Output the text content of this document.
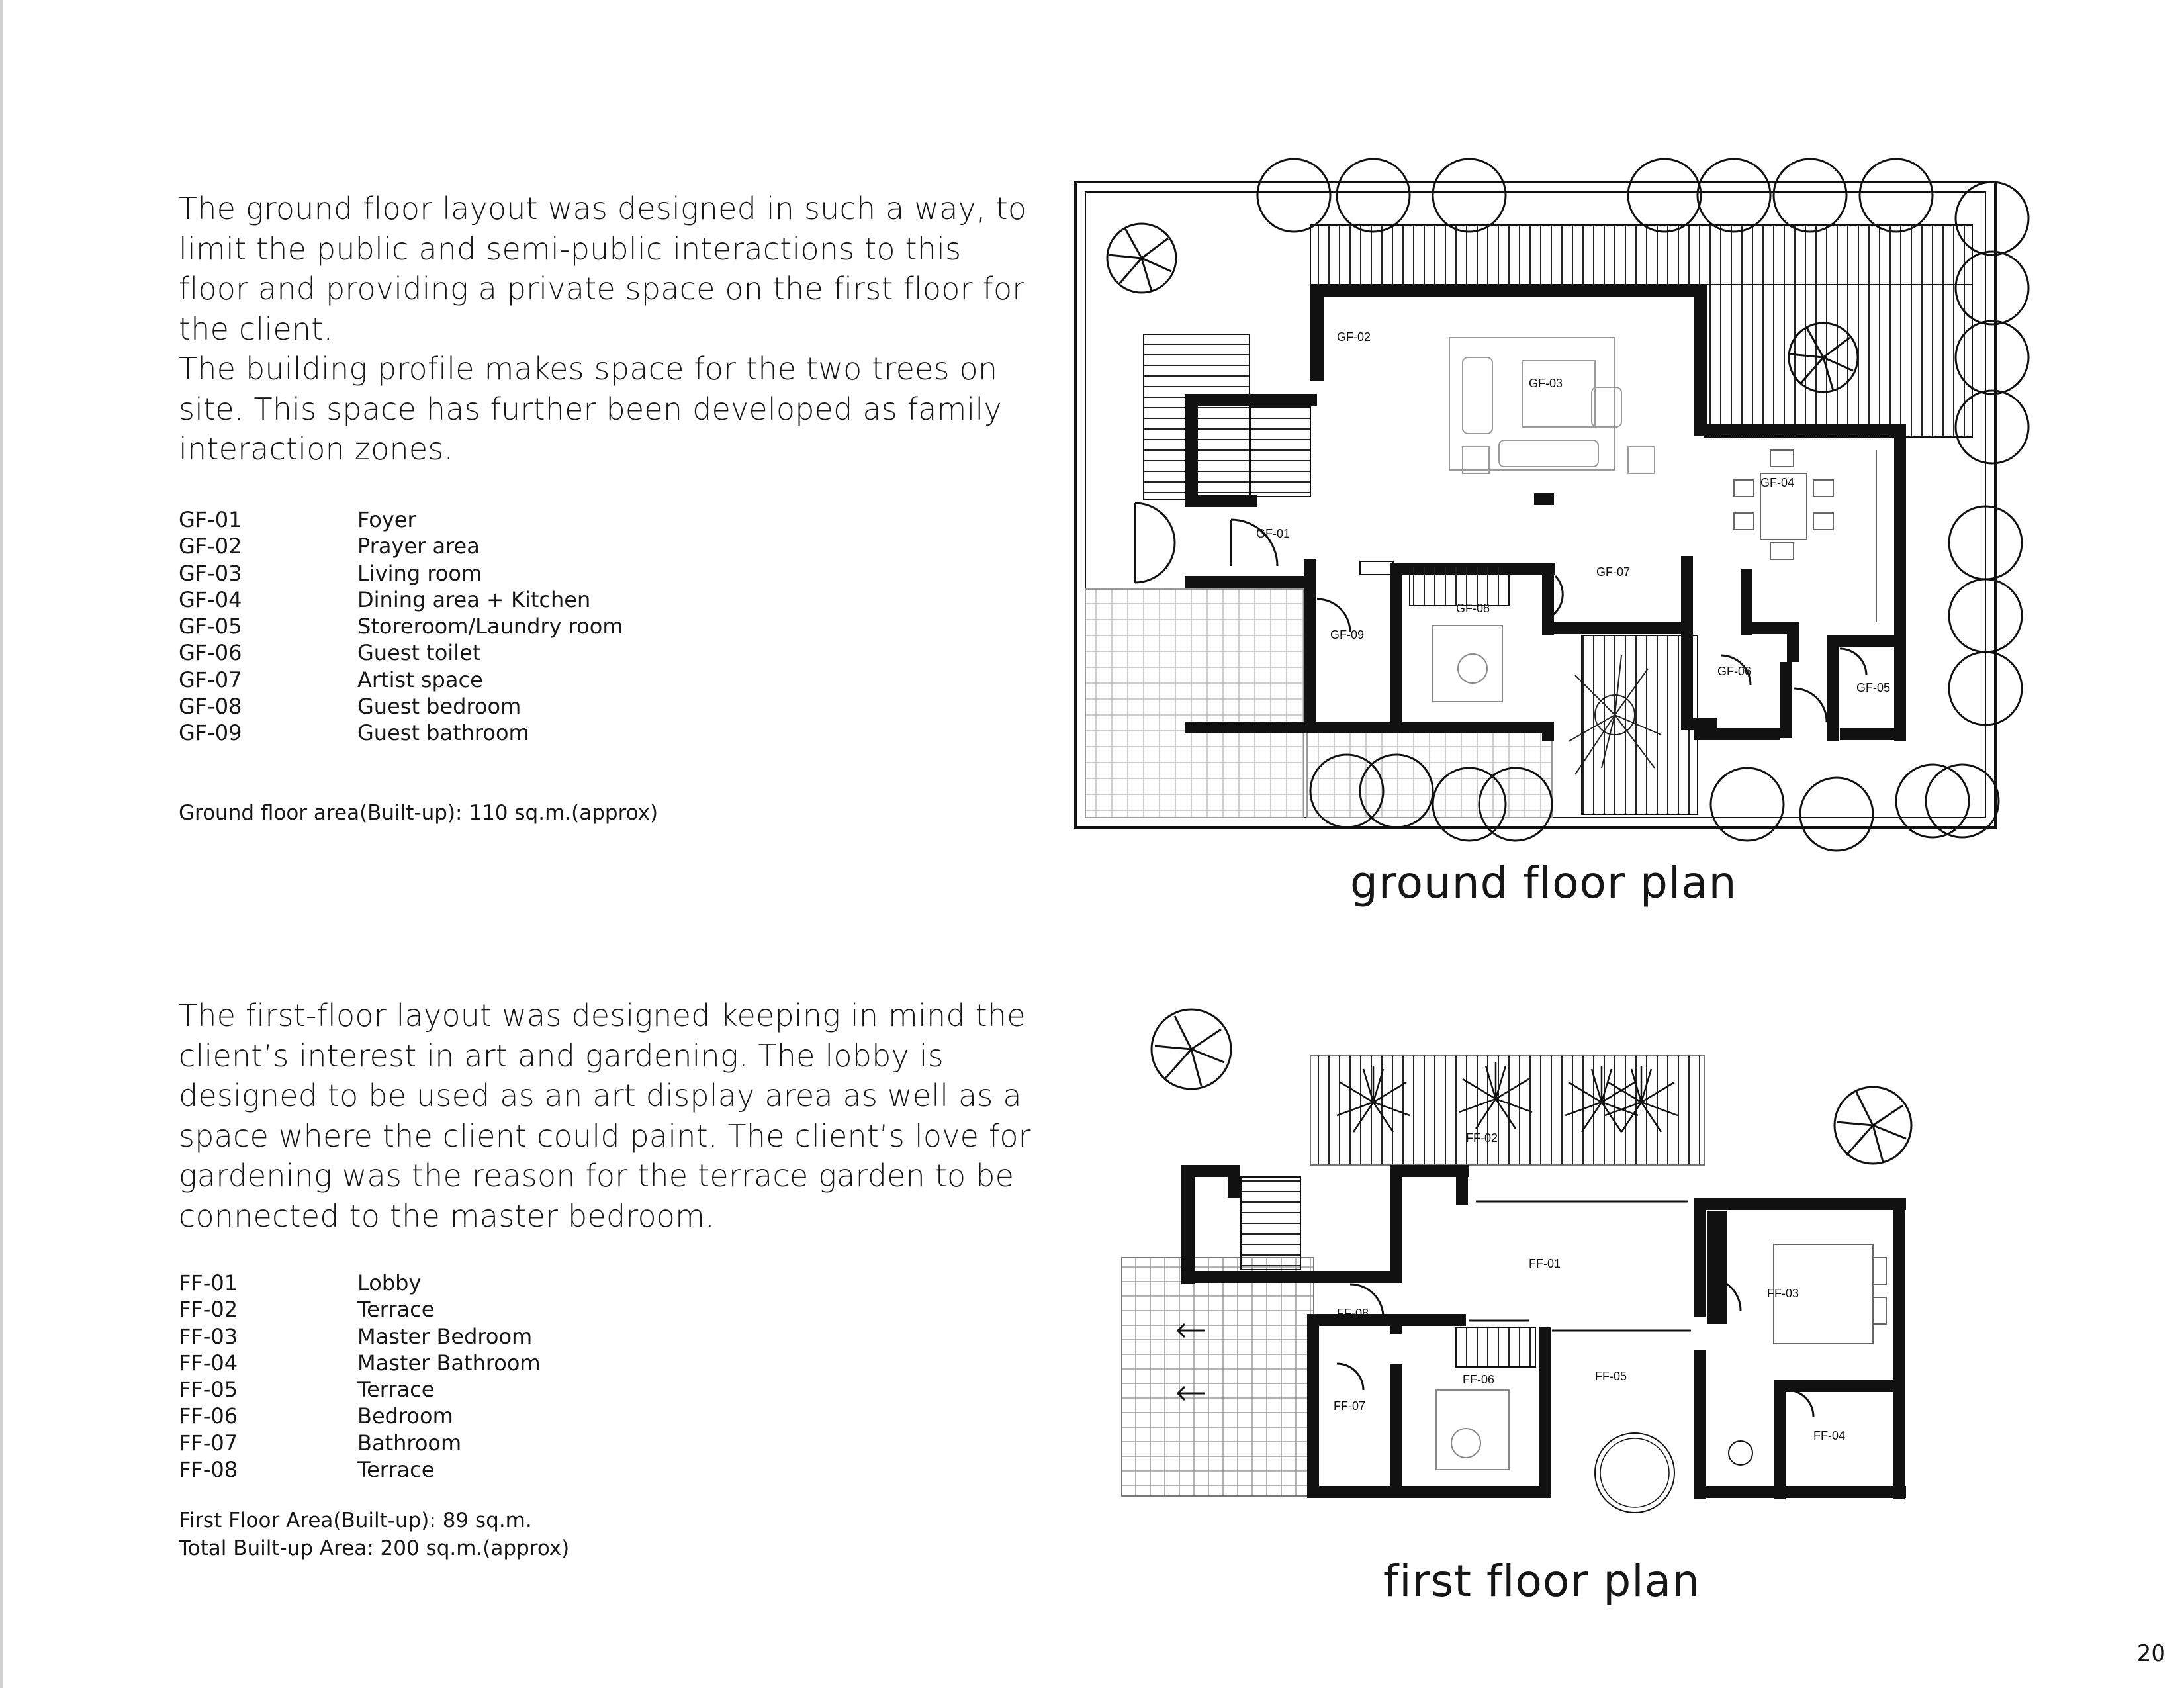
The ground floor layout was designed in such a way, to limit the public and semi-public interactions to this floor and providing a private space on the first floor for the client.

The building profile makes space for the two trees on site. This space has further been developed as family interaction zones.

GF-01	Foyer
GF-02	Prayer area
GF-03	Living room
GF-04	Dining area + Kitchen
GF-05	Storeroom/Laundry room
GF-06	Guest toilet
GF-07	Artist space
GF-08	Guest bedroom
GF-09	Guest bathroom
Ground floor area(Built-up): 110 sq.m.(approx)

The first-floor layout was designed keeping in mind the client’s interest in art and gardening. The lobby is designed to be used as an art display area as well as a space where the client could paint. The client’s love for gardening was the reason for the terrace garden to be connected to the master bedroom.

FF-01	Lobby
FF-02	Terrace
FF-03	Master Bedroom
FF-04	Master Bathroom
FF-05	Terrace
FF-06	Bedroom
FF-07	Bathroom
FF-08	Terrace
First Floor Area(Built-up): 89 sq.m.
Total Built-up Area: 200 sq.m.(approx)
ground floor plan
first floor plan
20
GF-02
GF-03
GF-04
GF-01
GF-07
GF-08
GF-09
GF-06
GF-05
FF-02
FF-01
FF-03
FF-08
FF-05
FF-06
FF-07
FF-04
